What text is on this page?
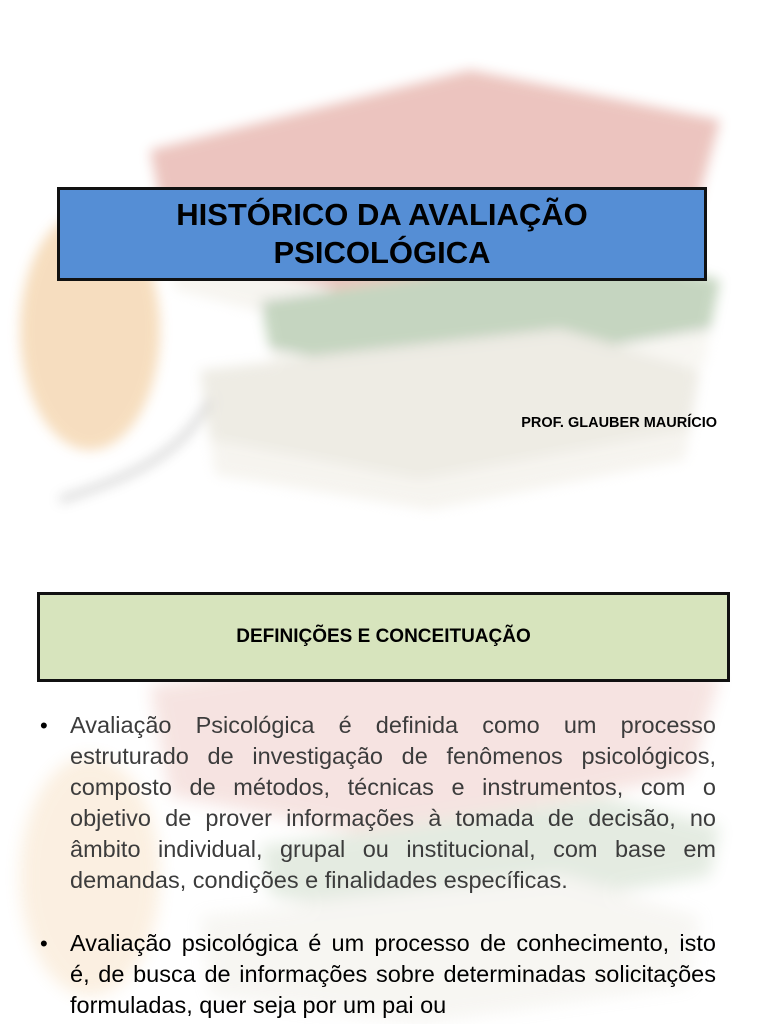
HISTÓRICO DA AVALIAÇÃO
PSICOLÓGICA
PROF. GLAUBER MAURÍCIO
DEFINIÇÕES E CONCEITUAÇÃO
• Avaliação Psicológica é definida como um processo estruturado de investigação de fenômenos psicológicos, composto de métodos, técnicas e instrumentos, com o objetivo de prover informações à tomada de decisão, no âmbito individual, grupal ou institucional, com base em demandas, condições e finalidades específicas.
• Avaliação psicológica é um processo de conhecimento, isto é, de busca de informações sobre determinadas solicitações formuladas, quer seja por um pai ou
